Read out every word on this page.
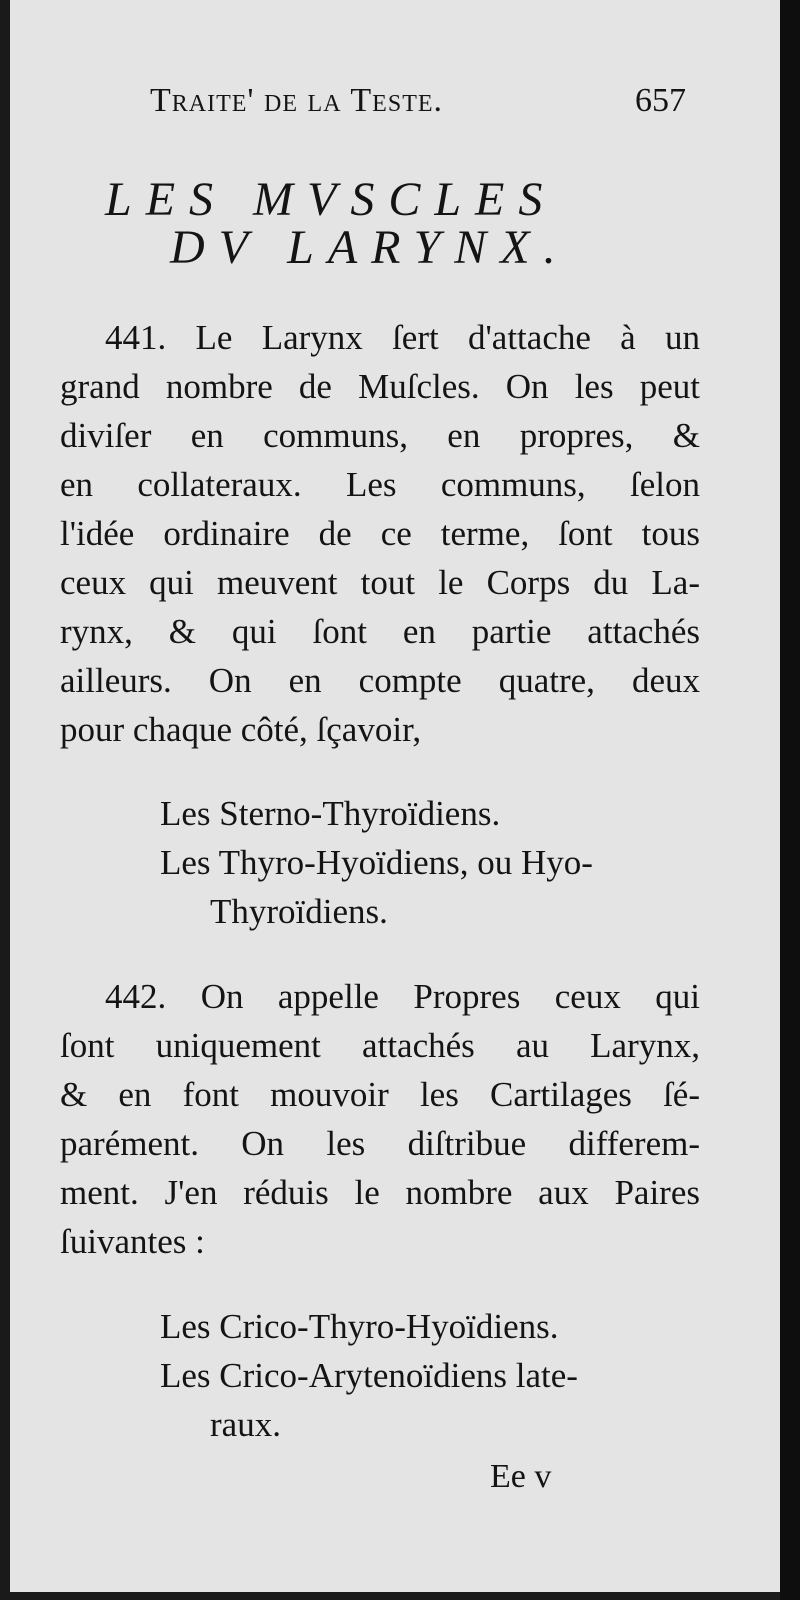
Traite' de la Teste.	657
LES MVSCLES
DV LARYNX.
441. Le Larynx ſert d'attache à un
grand nombre de Muſcles. On les peut
diviſer en communs, en propres, &
en collateraux. Les communs, ſelon
l'idée ordinaire de ce terme, ſont tous
ceux qui meuvent tout le Corps du La-
rynx, & qui ſont en partie attachés
ailleurs. On en compte quatre, deux
pour chaque côté, ſçavoir,
Les Sterno-Thyroïdiens.
Les Thyro-Hyoïdiens, ou Hyo-
Thyroïdiens.
442. On appelle Propres ceux qui
ſont uniquement attachés au Larynx,
& en font mouvoir les Cartilages ſé-
parément. On les diſtribue differem-
ment. J'en réduis le nombre aux Paires
ſuivantes :
Les Crico-Thyro-Hyoïdiens.
Les Crico-Arytenoïdiens late-
raux.
Ee v
